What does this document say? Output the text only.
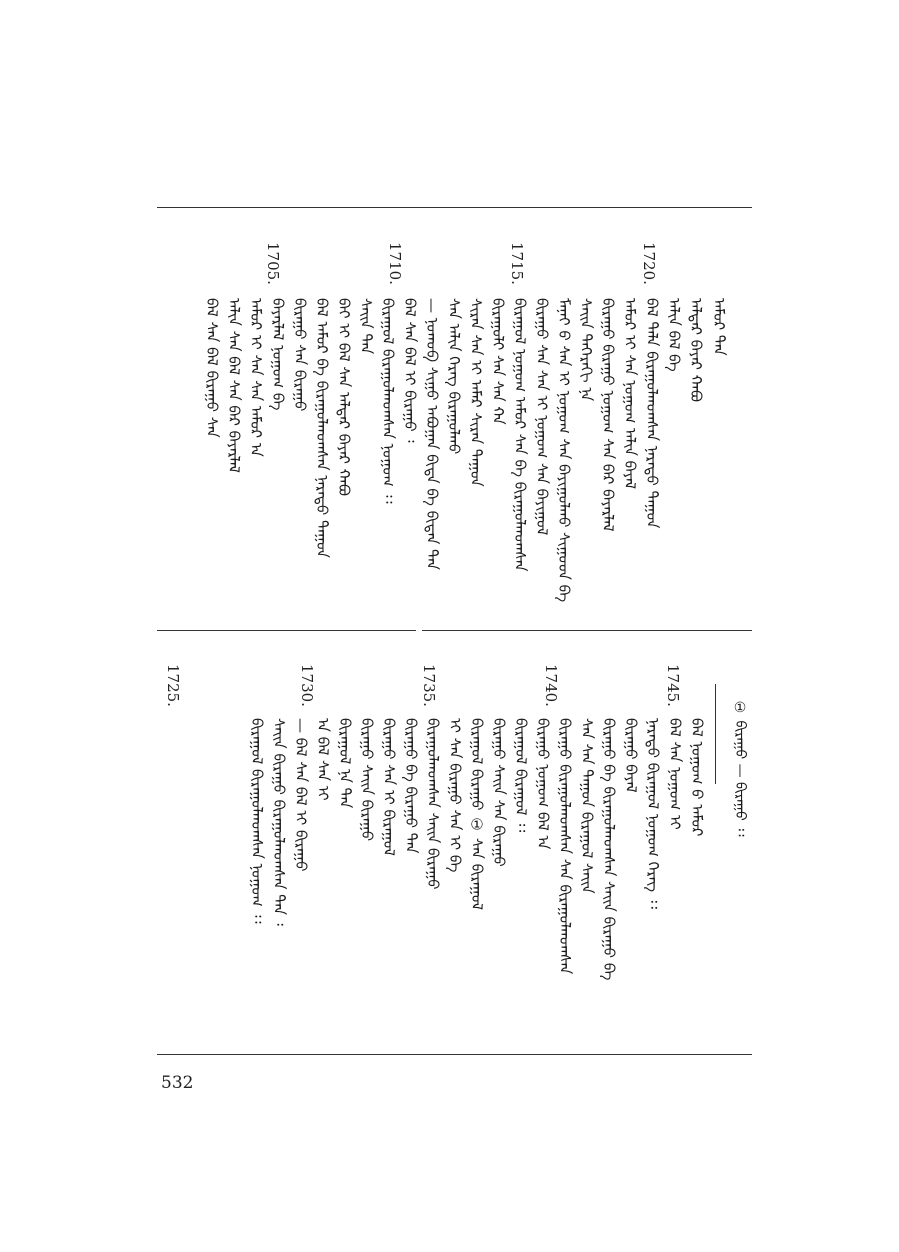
ᠠᠮᠤᠷ ᠲᠡᠨ
ᠠᠯᠳᠠᠷ ᠪᠠᠶᠠᠷ ᠬᠠᠪᠤ
ᠠᠯᠢᠨ ᠪᠡᠯ ᠪᠠ
ᠪᠡᠯ ᠲᠠᠯᠠ ᠪᠢᠷᠠᠭᠤᠯᠬᠤᠭᠰᠠᠨ ᠨᠡᠷᠡᠳᠦ ᠳᠠᠭᠤᠨ
ᠠᠮᠤᠷ ᠢ ᠰᠠᠨ ᠨᠤᠭᠤᠭ ᠠᠯᠢᠨ ᠪᠠᠶᠠᠯ
ᠪᠢᠷᠠᠭᠤ ᠪᠢᠷᠠᠭᠤ ᠨᠤᠭᠤᠭ ᠰᠠᠨ ᠪᠠᠷ ᠪᠠᠶᠠᠷᠯᠠᠯ
ᠰᠠᠢᠨ ᠳᠡᠭᠡᠷᠡᠬᠢ ᠨᠠ
ᠮᠠᠨᠠᠢ ᠪ ᠰᠠᠨ ᠢ ᠨᠤᠭᠤᠭ ᠰᠠᠨ ᠪᠠᠶᠢᠭᠤᠯᠬᠤ ᠰᠢᠭᠤᠳ ᠪᠠ
ᠪᠢᠷᠠᠭᠤ ᠰᠠᠨ ᠰᠠᠨ ᠢ ᠨᠤᠭᠤᠭ ᠰᠠᠨ ᠪᠠᠶᠢᠭᠤᠯ
ᠪᠢᠷᠠᠭᠤᠯ ᠨᠤᠭᠤᠭ ᠠᠮᠤᠷ ᠰᠠᠨ ᠪᠠ ᠪᠢᠷᠠᠭᠤᠯᠬᠤᠭᠰᠠᠨ
ᠪᠢᠷᠠᠭᠤᠯᠢ ᠰᠠᠨ ᠰᠠᠨ ᠬᠠ
ᠰᠢᠷᠠᠨ ᠰᠠᠨ ᠢ ᠠᠮᠠᠷ ᠰᠢᠷᠠᠨ ᠳᠠᠭᠤᠨ
ᠰᠠᠨ ᠠᠯᠢᠨ ᠬᠡᠷᠡᠭ ᠪᠢᠷᠠᠭᠤᠯᠬᠤ
— ᠨᠤᠬᠤᠪ ᠰᠢᠭᠤ ᠠᠪᠤᠭᠠᠨ ᠪᠢᠳᠡ ᠪᠠ ᠪᠢᠳᠡᠨ ᠲᠡᠨ
ᠪᠡᠯ ᠰᠠᠨ ᠪᠠᠯ ᠢ ᠪᠢᠷᠠᠭᠤ ᠄
ᠪᠢᠷᠠᠭᠤᠯ ᠪᠢᠷᠠᠭᠤᠯᠬᠤᠭᠰᠠᠨ ᠨᠤᠭᠤᠭ ᠄᠄
ᠰᠠᠢᠨ ᠲᠡᠨ
ᠪᠠᠢ ᠢ ᠪᠡᠯ ᠰᠠᠨ ᠠᠯᠳᠠᠷ ᠪᠠᠶᠠᠷ ᠬᠠᠪᠤ
ᠪᠡᠯ ᠠᠮᠤᠷ ᠪᠠ ᠪᠢᠷᠠᠭᠤᠯᠬᠤᠭᠰᠠᠨ ᠨᠡᠷᠡᠳᠦ ᠳᠠᠭᠤᠨ
ᠪᠢᠷᠠᠭᠤ ᠰᠠᠨ ᠪᠢᠷᠠᠭᠤ
ᠪᠠᠶᠠᠷᠯᠠᠯ ᠨᠤᠭᠤᠭ ᠪᠠ
ᠠᠮᠤᠷ ᠢ ᠰᠠᠨ ᠰᠠᠨ ᠠᠮᠤᠷ ᠠ
ᠠᠯᠢᠨ ᠰᠠᠨ ᠪᠡᠯ ᠰᠠᠨ ᠪᠠᠷ ᠪᠠᠶᠠᠷᠯᠠᠯ
ᠪᠡᠯ ᠰᠠᠨ ᠪᠡᠯ ᠪᠢᠷᠠᠭᠤ ᠰᠠᠨ
1720.
1715.
1710.
1705.
① ᠪᠢᠷᠠᠭᠤ — ᠪᠢᠷᠠᠭᠤ ᠄᠄
ᠪᠡᠯ ᠨᠤᠭᠤᠭ ᠪ ᠠᠮᠤᠷ
ᠪᠡᠯ ᠰᠠᠨ ᠨᠤᠭᠤᠭ ᠢ
ᠨᠡᠷᠡᠳᠦ ᠪᠢᠷᠠᠭᠤᠯ ᠨᠤᠭᠤᠭ ᠬᠡᠷᠡᠭ ᠄᠄
ᠪᠢᠷᠠᠭᠤ ᠪᠠᠶᠠᠯ
ᠪᠢᠷᠠᠭᠤ ᠪᠠ ᠪᠢᠷᠠᠭᠤᠯᠬᠤᠭᠰᠠᠨ ᠰᠠᠢᠨ ᠪᠢᠷᠠᠭᠤ ᠪᠠ
ᠰᠠᠨ ᠰᠠᠨ ᠳᠠᠭᠤᠨ ᠪᠢᠷᠠᠭᠤᠯ ᠰᠠᠢᠨ
ᠪᠢᠷᠠᠭᠤ ᠪᠢᠷᠠᠭᠤᠯᠬᠤᠭᠰᠠᠨ ᠰᠠᠨ ᠪᠢᠷᠠᠭᠤᠯᠬᠤᠭᠰᠠᠨ
ᠪᠢᠷᠠᠭᠤ ᠨᠤᠭᠤᠭ ᠪᠡᠯ ᠠ
ᠪᠢᠷᠠᠭᠤᠯ ᠪᠢᠷᠠᠭᠤᠯ ᠄᠄
ᠪᠢᠷᠠᠭᠤ ᠰᠠᠢᠨ ᠰᠠᠨ ᠪᠢᠷᠠᠭᠤ
ᠪᠢᠷᠠᠭᠤᠯ ᠪᠢᠷᠠᠭᠤ ① ᠰᠠᠨ ᠪᠢᠷᠠᠭᠤᠯ
ᠢ ᠰᠠᠨ ᠪᠢᠷᠠᠭᠤ ᠰᠠᠨ ᠢ ᠪᠠ
ᠪᠢᠷᠠᠭᠤᠯᠬᠤᠭᠰᠠᠨ ᠰᠠᠢᠨ ᠪᠢᠷᠠᠭᠤ
ᠪᠢᠷᠠᠭᠤ ᠪᠠ ᠪᠢᠷᠠᠭᠤ ᠲᠡᠨ
ᠪᠢᠷᠠᠭᠤ ᠰᠠᠨ ᠢ ᠪᠢᠷᠠᠭᠤᠯ
ᠪᠢᠷᠠᠭᠤ ᠰᠠᠢᠨ ᠪᠢᠷᠠᠭᠤ
ᠪᠢᠷᠠᠭᠤᠯ ᠨᠠ ᠲᠡᠨ
ᠠ ᠪᠡᠯ ᠰᠠᠨ ᠢ
— ᠪᠡᠯ ᠰᠠᠨ ᠪᠠᠯ ᠢ ᠪᠢᠷᠠᠭᠤ
ᠰᠠᠢᠨ ᠪᠢᠷᠠᠭᠤ ᠪᠢᠷᠠᠭᠤᠯᠬᠤᠭᠰᠠᠨ ᠲᠡᠨ ᠄
ᠪᠢᠷᠠᠭᠤᠯ ᠪᠢᠷᠠᠭᠤᠯᠬᠤᠭᠰᠠᠨ ᠨᠤᠭᠤᠭ ᠄᠄
1745.
1740.
1735.
1730.
1725.
532
